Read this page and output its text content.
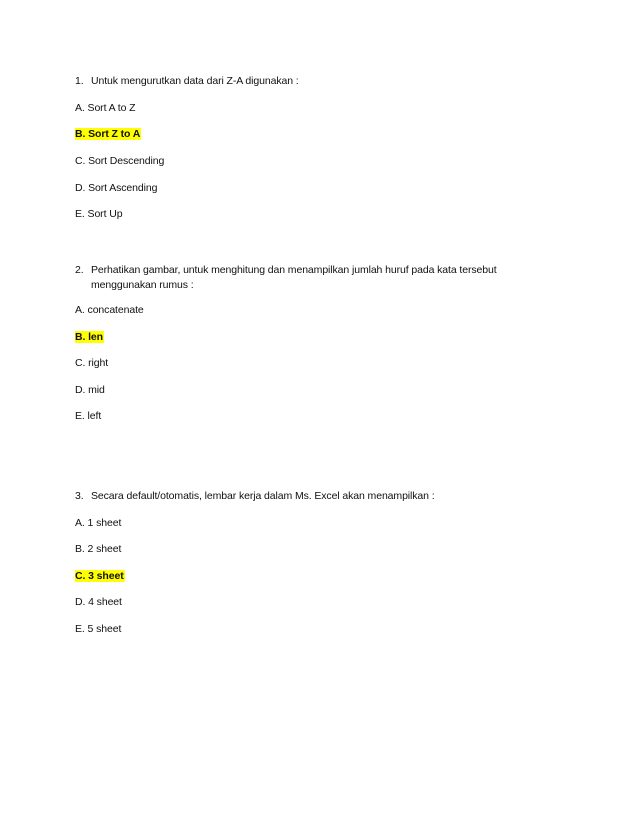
1. Untuk mengurutkan data dari Z-A digunakan :
A. Sort A to Z
B. Sort Z to A
C. Sort Descending
D. Sort Ascending
E. Sort Up
2. Perhatikan gambar, untuk menghitung dan menampilkan jumlah huruf pada kata tersebut
menggunakan rumus :
A. concatenate
B. len
C. right
D. mid
E. left
3. Secara default/otomatis, lembar kerja dalam Ms. Excel akan menampilkan :
A. 1 sheet
B. 2 sheet
C. 3 sheet
D. 4 sheet
E. 5 sheet
